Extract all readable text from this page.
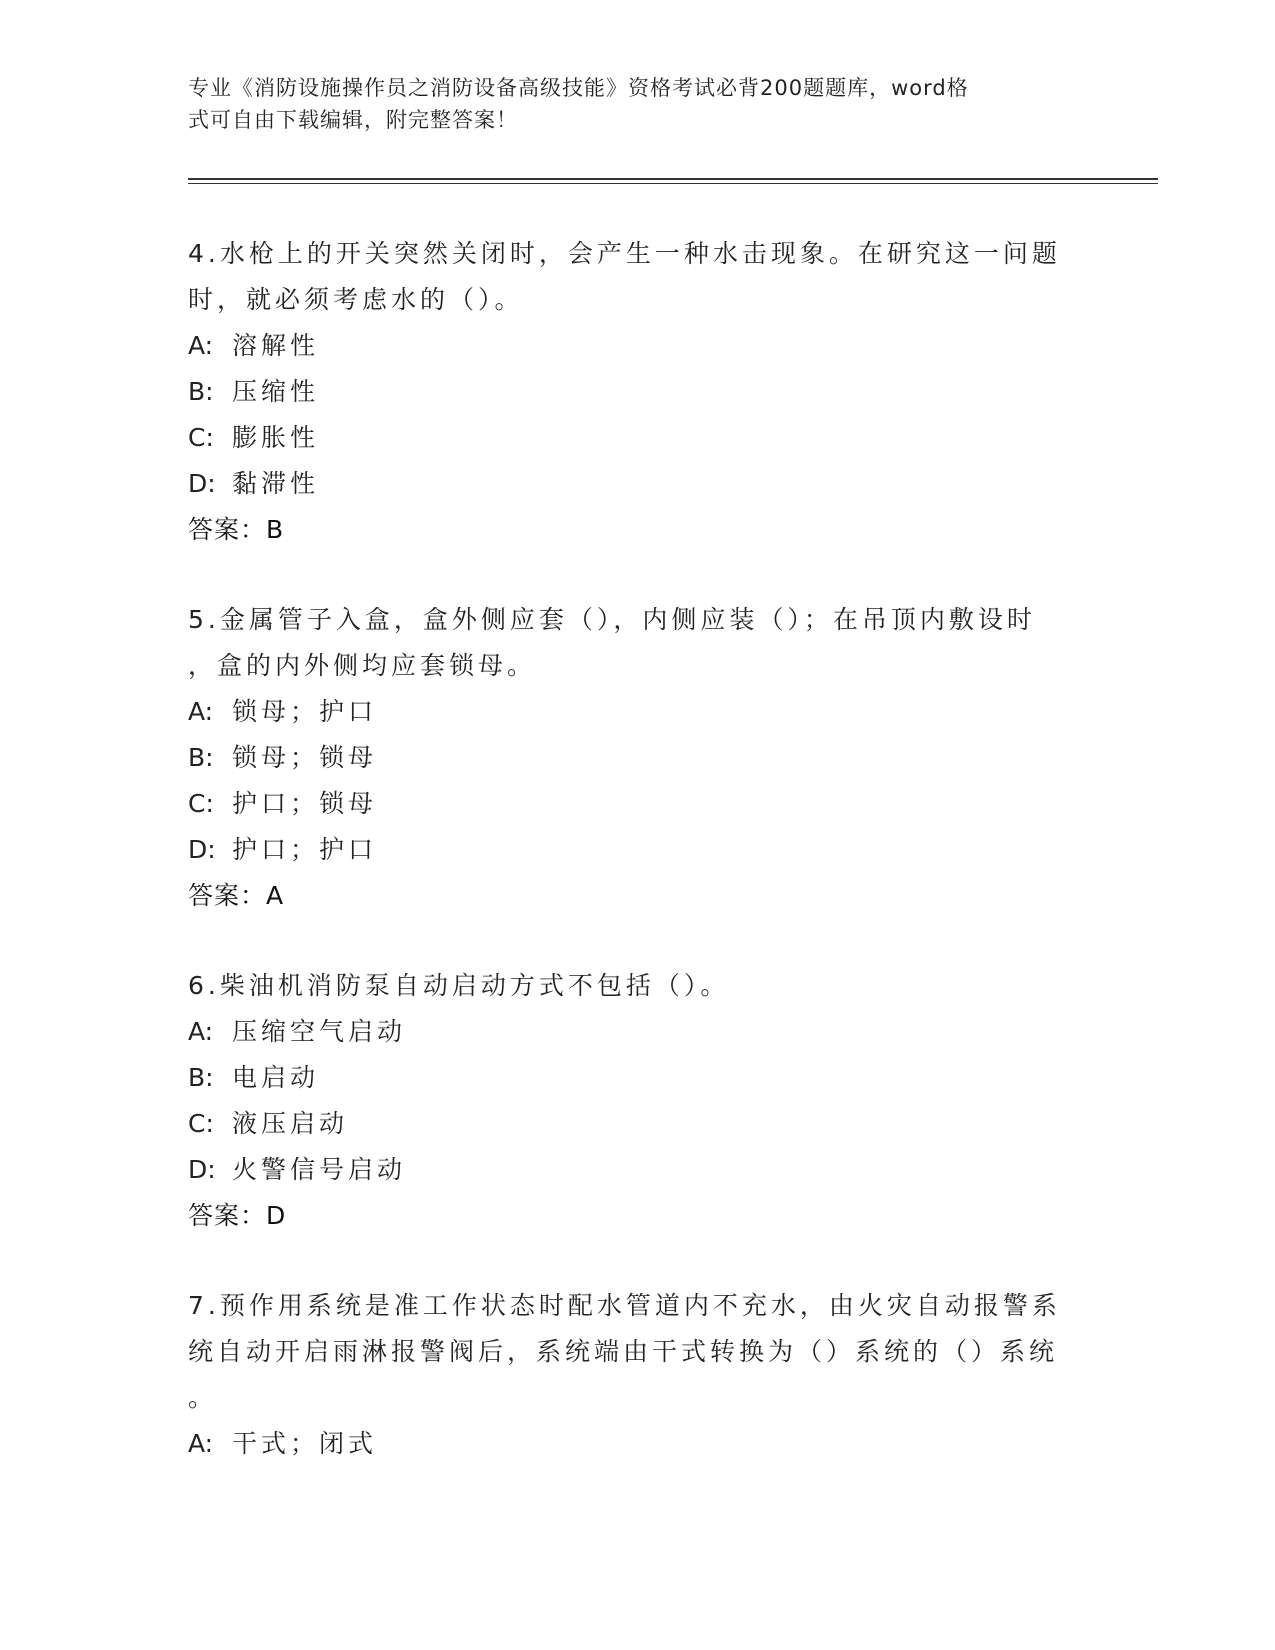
专业《消防设施操作员之消防设备高级技能》资格考试必背200题题库，word格
式可自由下载编辑，附完整答案！
4.水枪上的开关突然关闭时，会产生一种水击现象。在研究这一问题
时，就必须考虑水的（）。
A: 溶解性
B: 压缩性
C: 膨胀性
D: 黏滞性
答案：B
5.金属管子入盒，盒外侧应套（），内侧应装（）；在吊顶内敷设时
，盒的内外侧均应套锁母。
A: 锁母；护口
B: 锁母；锁母
C: 护口；锁母
D: 护口；护口
答案：A
6.柴油机消防泵自动启动方式不包括（）。
A: 压缩空气启动
B: 电启动
C: 液压启动
D: 火警信号启动
答案：D
7.预作用系统是准工作状态时配水管道内不充水，由火灾自动报警系
统自动开启雨淋报警阀后，系统端由干式转换为（）系统的（）系统
。
A: 干式；闭式
